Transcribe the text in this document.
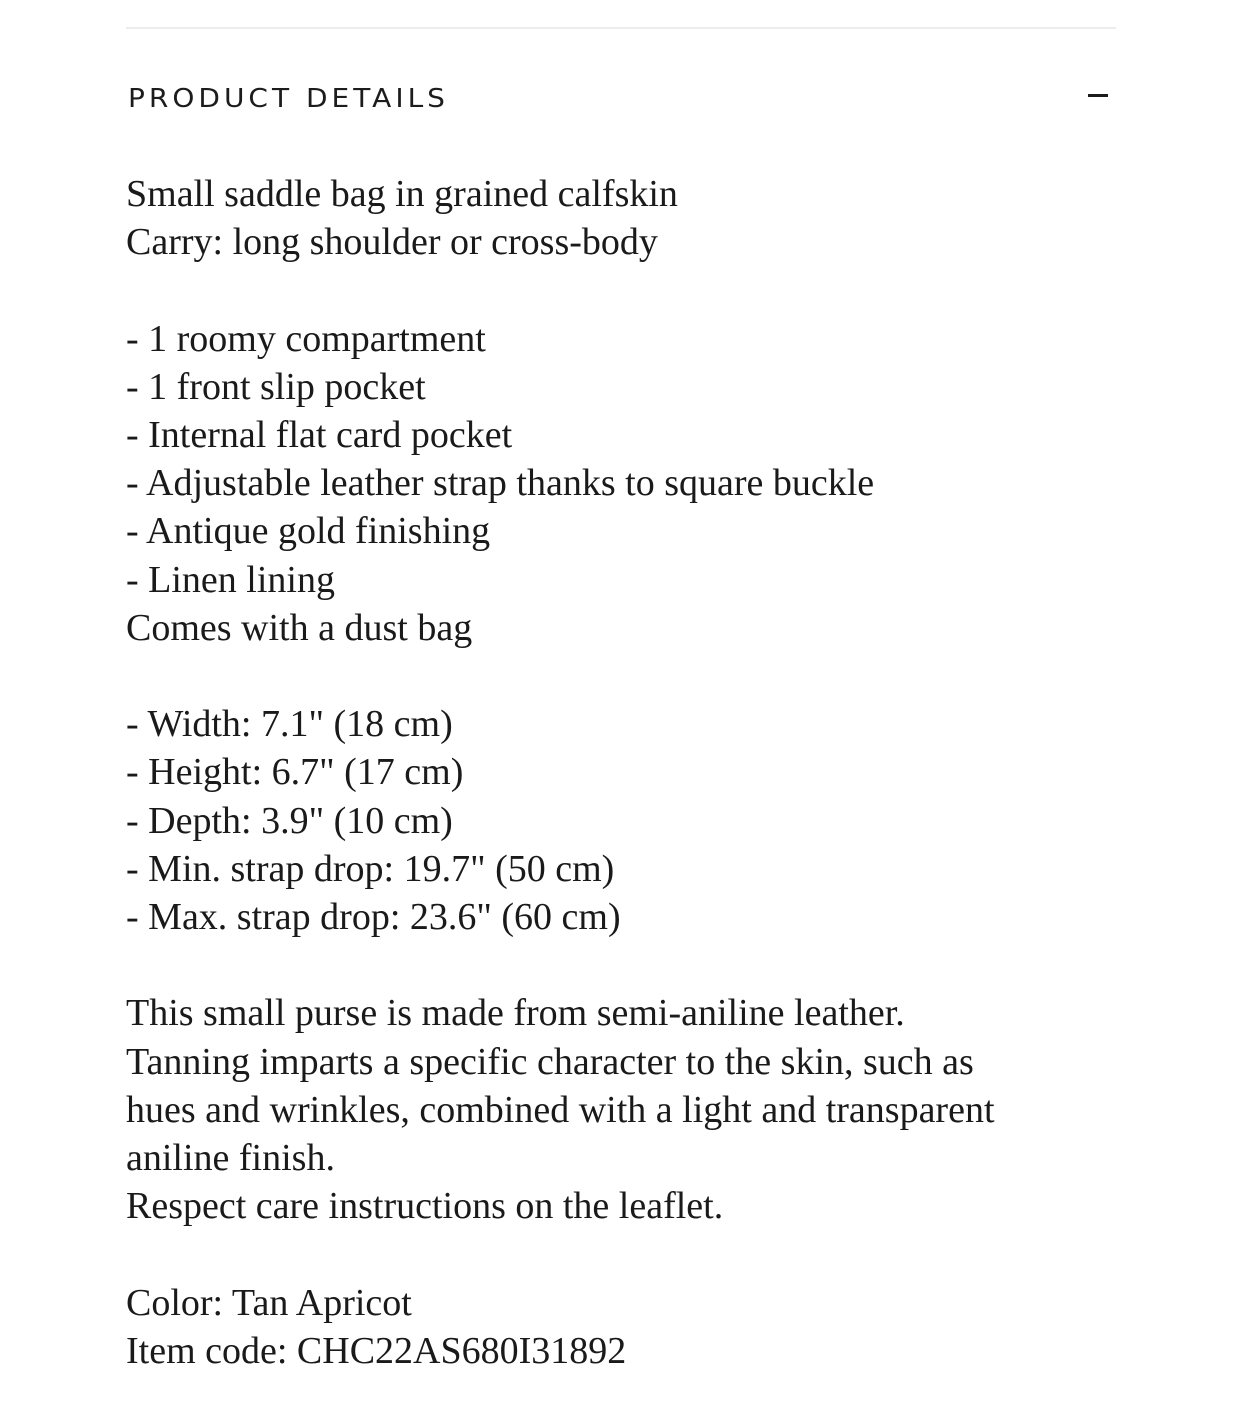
PRODUCT DETAILS
Small saddle bag in grained calfskin
Carry: long shoulder or cross-body
- 1 roomy compartment
- 1 front slip pocket
- Internal flat card pocket
- Adjustable leather strap thanks to square buckle
- Antique gold finishing
- Linen lining
Comes with a dust bag
- Width: 7.1" (18 cm)
- Height: 6.7" (17 cm)
- Depth: 3.9" (10 cm)
- Min. strap drop: 19.7" (50 cm)
- Max. strap drop: 23.6" (60 cm)
This small purse is made from semi-aniline leather.
Tanning imparts a specific character to the skin, such as
hues and wrinkles, combined with a light and transparent
aniline finish.
Respect care instructions on the leaflet.
Color: Tan Apricot
Item code: CHC22AS680I31892
